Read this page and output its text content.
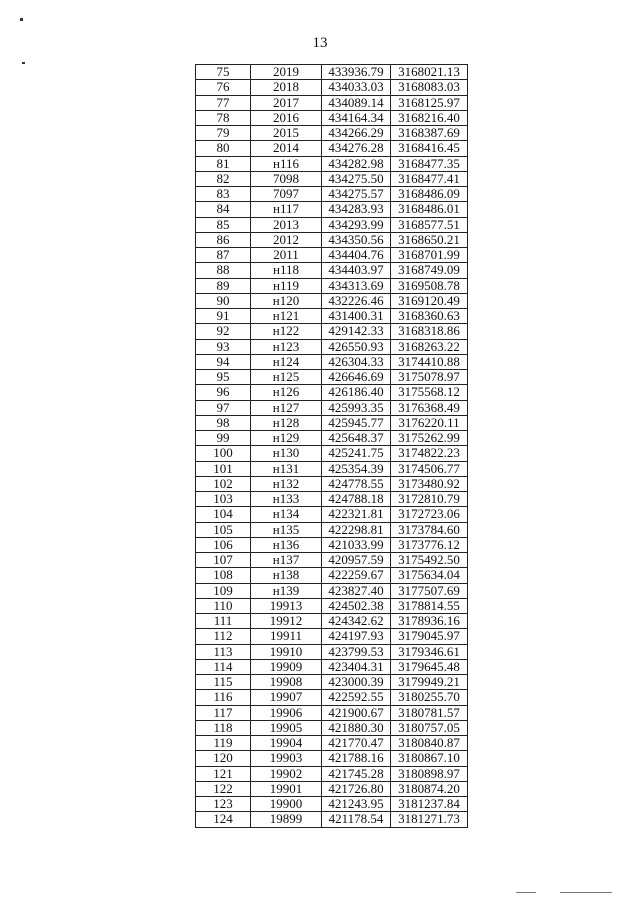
13
75	2019	433936.79	3168021.13
76	2018	434033.03	3168083.03
77	2017	434089.14	3168125.97
78	2016	434164.34	3168216.40
79	2015	434266.29	3168387.69
80	2014	434276.28	3168416.45
81	н116	434282.98	3168477.35
82	7098	434275.50	3168477.41
83	7097	434275.57	3168486.09
84	н117	434283.93	3168486.01
85	2013	434293.99	3168577.51
86	2012	434350.56	3168650.21
87	2011	434404.76	3168701.99
88	н118	434403.97	3168749.09
89	н119	434313.69	3169508.78
90	н120	432226.46	3169120.49
91	н121	431400.31	3168360.63
92	н122	429142.33	3168318.86
93	н123	426550.93	3168263.22
94	н124	426304.33	3174410.88
95	н125	426646.69	3175078.97
96	н126	426186.40	3175568.12
97	н127	425993.35	3176368.49
98	н128	425945.77	3176220.11
99	н129	425648.37	3175262.99
100	н130	425241.75	3174822.23
101	н131	425354.39	3174506.77
102	н132	424778.55	3173480.92
103	н133	424788.18	3172810.79
104	н134	422321.81	3172723.06
105	н135	422298.81	3173784.60
106	н136	421033.99	3173776.12
107	н137	420957.59	3175492.50
108	н138	422259.67	3175634.04
109	н139	423827.40	3177507.69
110	19913	424502.38	3178814.55
111	19912	424342.62	3178936.16
112	19911	424197.93	3179045.97
113	19910	423799.53	3179346.61
114	19909	423404.31	3179645.48
115	19908	423000.39	3179949.21
116	19907	422592.55	3180255.70
117	19906	421900.67	3180781.57
118	19905	421880.30	3180757.05
119	19904	421770.47	3180840.87
120	19903	421788.16	3180867.10
121	19902	421745.28	3180898.97
122	19901	421726.80	3180874.20
123	19900	421243.95	3181237.84
124	19899	421178.54	3181271.73
